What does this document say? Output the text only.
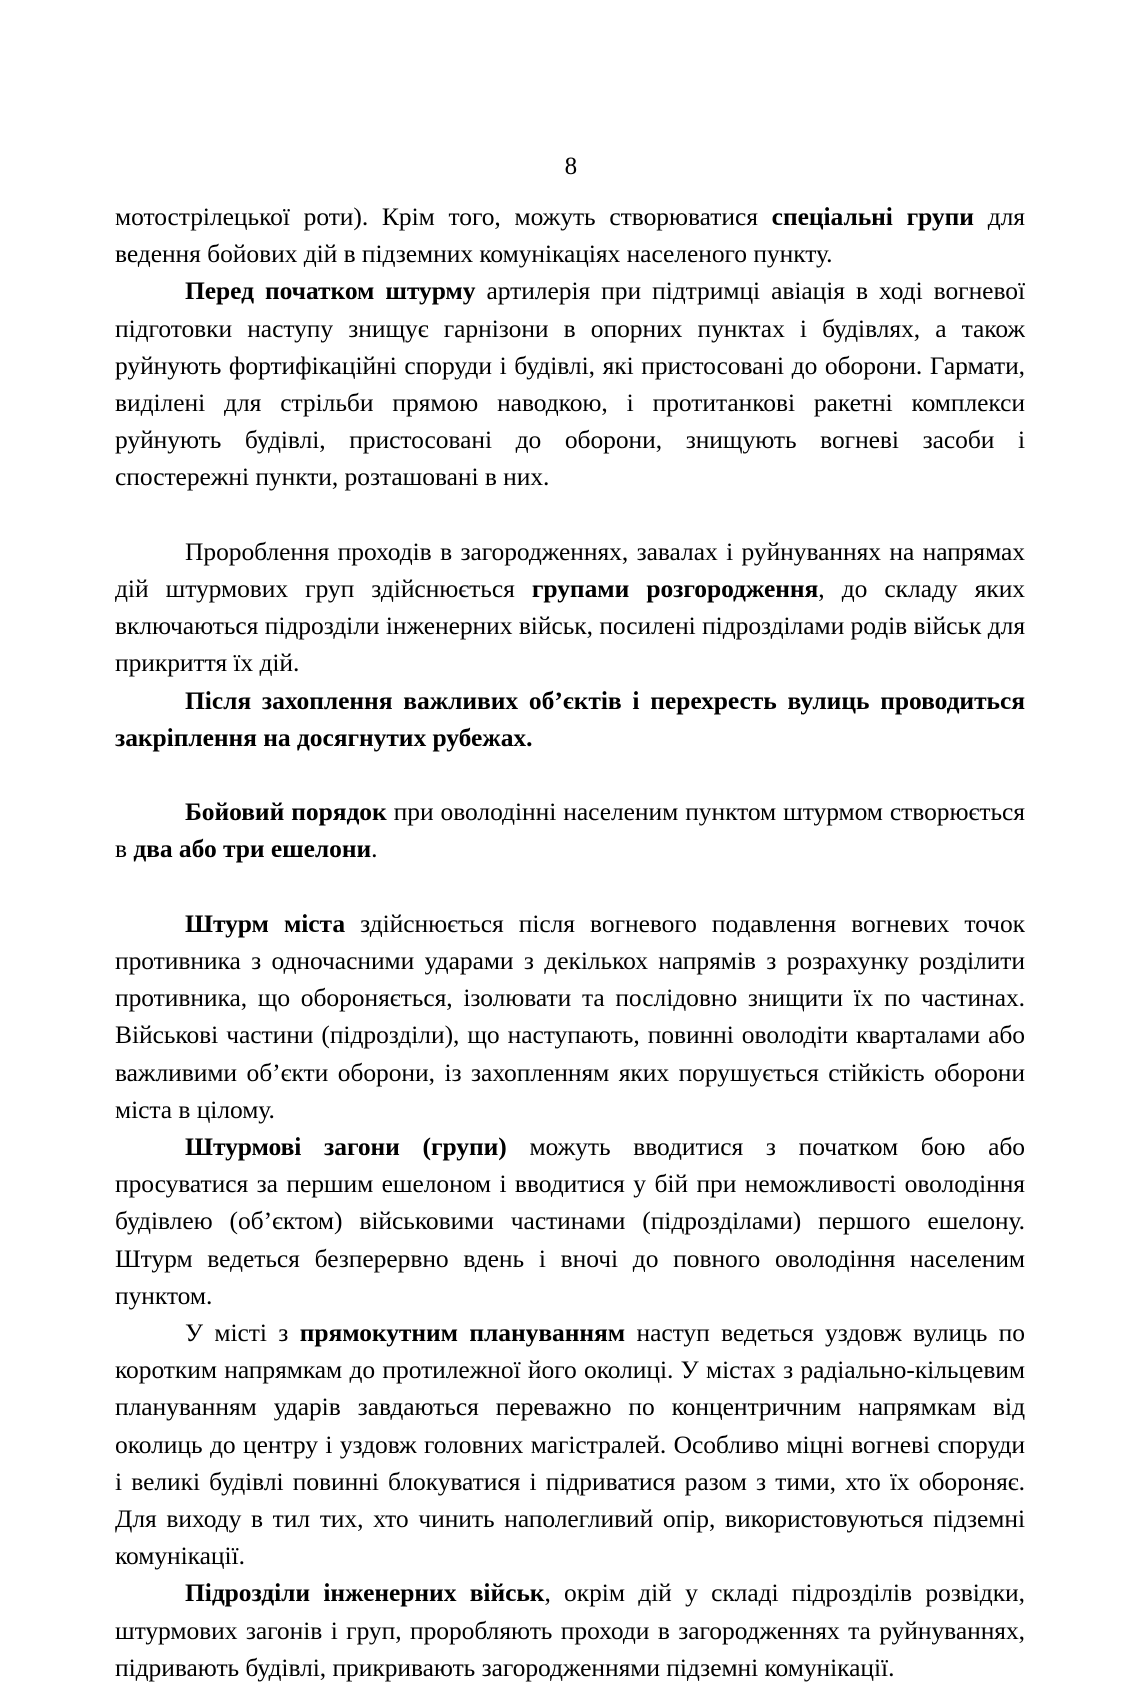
8

мотострілецької роти). Крім того, можуть створюватися спеціальні групи для ведення бойових дій в підземних комунікаціях населеного пункту.

Перед початком штурму артилерія при підтримці авіація в ході вогневої підготовки наступу знищує гарнізони в опорних пунктах і будівлях, а також руйнують фортифікаційні споруди і будівлі, які пристосовані до оборони. Гармати, виділені для стрільби прямою наводкою, і протитанкові ракетні комплекси руйнують будівлі, пристосовані до оборони, знищують вогневі засоби і спостережні пункти, розташовані в них.

Пророблення проходів в загородженнях, завалах і руйнуваннях на напрямах дій штурмових груп здійснюється групами розгородження, до складу яких включаються підрозділи інженерних військ, посилені підрозділами родів військ для прикриття їх дій.

Після захоплення важливих об’єктів і перехресть вулиць проводиться закріплення на досягнутих рубежах.

Бойовий порядок при оволодінні населеним пунктом штурмом створюється в два або три ешелони.

Штурм міста здійснюється після вогневого подавлення вогневих точок противника з одночасними ударами з декількох напрямів з розрахунку розділити противника, що обороняється, ізолювати та послідовно знищити їх по частинах. Військові частини (підрозділи), що наступають, повинні оволодіти кварталами або важливими об’єкти оборони, із захопленням яких порушується стійкість оборони міста в цілому.

Штурмові загони (групи) можуть вводитися з початком бою або просуватися за першим ешелоном і вводитися у бій при неможливості оволодіння будівлею (об’єктом) військовими частинами (підрозділами) першого ешелону. Штурм ведеться безперервно вдень і вночі до повного оволодіння населеним пунктом.

У місті з прямокутним плануванням наступ ведеться уздовж вулиць по коротким напрямкам до протилежної його околиці. У містах з радіально-кільцевим плануванням ударів завдаються переважно по концентричним напрямкам від околиць до центру і уздовж головних магістралей. Особливо міцні вогневі споруди і великі будівлі повинні блокуватися і підриватися разом з тими, хто їх обороняє. Для виходу в тил тих, хто чинить наполегливий опір, використовуються підземні комунікації.

Підрозділи інженерних військ, окрім дій у складі підрозділів розвідки, штурмових загонів і груп, проробляють проходи в загородженнях та руйнуваннях, підривають будівлі, прикривають загородженнями підземні комунікації.
